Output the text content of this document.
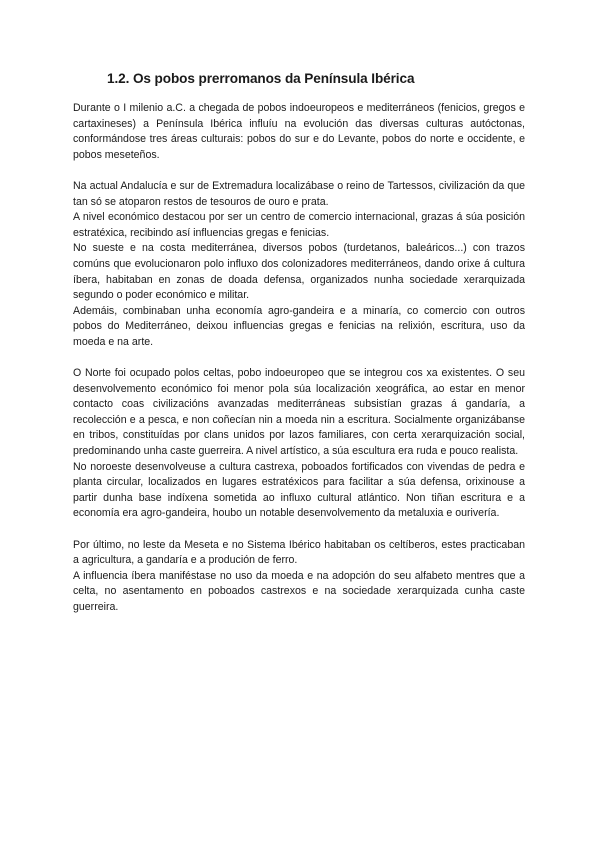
1.2. Os pobos prerromanos da Península Ibérica

Durante o I milenio a.C. a chegada de pobos indoeuropeos e mediterráneos (fenicios, gregos e cartaxineses) a Península Ibérica influíu na evolución das diversas culturas autóctonas, conformándose tres áreas culturais: pobos do sur e do Levante, pobos do norte e occidente, e pobos meseteños.

Na actual Andalucía e sur de Extremadura localizábase o reino de Tartessos, civilización da que tan só se atoparon restos de tesouros de ouro e prata.

A nivel económico destacou por ser un centro de comercio internacional, grazas á súa posición estratéxica, recibindo así influencias gregas e fenicias.

No sueste e na costa mediterránea, diversos pobos (turdetanos, baleáricos...) con trazos comúns que evolucionaron polo influxo dos colonizadores mediterráneos, dando orixe á cultura íbera, habitaban en zonas de doada defensa, organizados nunha sociedade xerarquizada segundo o poder económico e militar.

Ademáis, combinaban unha economía agro-gandeira e a minaría, co comercio con outros pobos do Mediterráneo, deixou influencias gregas e fenicias na relixión, escritura, uso da moeda e na arte.

O Norte foi ocupado polos celtas, pobo indoeuropeo que se integrou cos xa existentes. O seu desenvolvemento económico foi menor pola súa localización xeográfica, ao estar en menor contacto coas civilizacións avanzadas mediterráneas subsistían grazas á gandaría, a recolección e a pesca, e non coñecían nin a moeda nin a escritura. Socialmente organizábanse en tribos, constituídas por clans unidos por lazos familiares, con certa xerarquización social, predominando unha caste guerreira. A nivel artístico, a súa escultura era ruda e pouco realista.

No noroeste desenvolveuse a cultura castrexa, poboados fortificados con vivendas de pedra e planta circular, localizados en lugares estratéxicos para facilitar a súa defensa, orixinouse a partir dunha base indíxena sometida ao influxo cultural atlántico. Non tiñan escritura e a economía era agro-gandeira, houbo un notable desenvolvemento da metaluxia e ourivería.

Por último, no leste da Meseta e no Sistema Ibérico habitaban os celtíberos, estes practicaban a agricultura, a gandaría e a produción de ferro.

A influencia íbera maniféstase no uso da moeda e na adopción do seu alfabeto mentres que a celta, no asentamento en poboados castrexos e na sociedade xerarquizada cunha caste guerreira.
